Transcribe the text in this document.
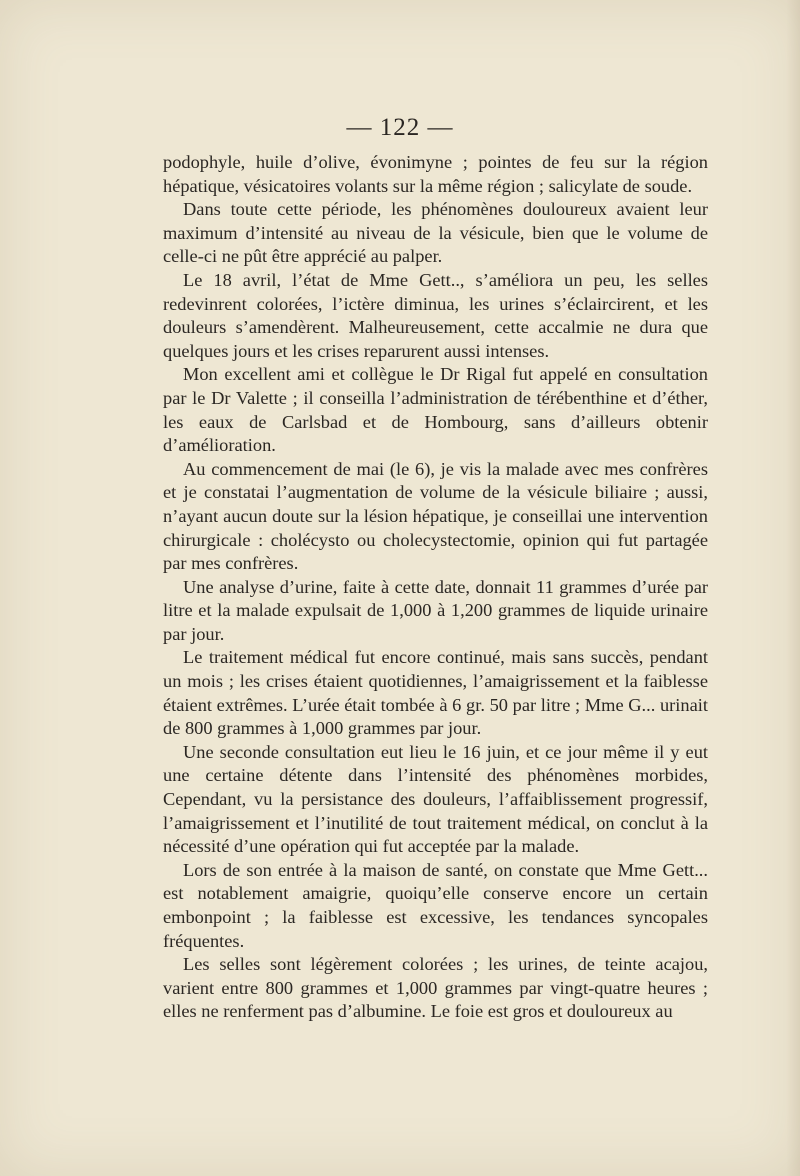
— 122 —

podophyle, huile d’olive, évonimyne ; pointes de feu sur la région hépatique, vésicatoires volants sur la même région ; salicylate de soude.

Dans toute cette période, les phénomènes douloureux avaient leur maximum d’intensité au niveau de la vésicule, bien que le volume de celle-ci ne pût être apprécié au palper.

Le 18 avril, l’état de Mme Gett.., s’améliora un peu, les selles redevinrent colorées, l’ictère diminua, les urines s’éclaircirent, et les douleurs s’amendèrent. Malheureusement, cette accalmie ne dura que quelques jours et les crises reparurent aussi intenses.

Mon excellent ami et collègue le Dr Rigal fut appelé en consultation par le Dr Valette ; il conseilla l’administration de térébenthine et d’éther, les eaux de Carlsbad et de Hombourg, sans d’ailleurs obtenir d’amélioration.

Au commencement de mai (le 6), je vis la malade avec mes confrères et je constatai l’augmentation de volume de la vésicule biliaire ; aussi, n’ayant aucun doute sur la lésion hépatique, je conseillai une intervention chirurgicale : cholécysto ou cholecystectomie, opinion qui fut partagée par mes confrères.

Une analyse d’urine, faite à cette date, donnait 11 grammes d’urée par litre et la malade expulsait de 1,000 à 1,200 grammes de liquide urinaire par jour.

Le traitement médical fut encore continué, mais sans succès, pendant un mois ; les crises étaient quotidiennes, l’amaigrissement et la faiblesse étaient extrêmes. L’urée était tombée à 6 gr. 50 par litre ; Mme G... urinait de 800 grammes à 1,000 grammes par jour.

Une seconde consultation eut lieu le 16 juin, et ce jour même il y eut une certaine détente dans l’intensité des phénomènes morbides, Cependant, vu la persistance des douleurs, l’affaiblissement progressif, l’amaigrissement et l’inutilité de tout traitement médical, on conclut à la nécessité d’une opération qui fut acceptée par la malade.

Lors de son entrée à la maison de santé, on constate que Mme Gett... est notablement amaigrie, quoiqu’elle conserve encore un certain embonpoint ; la faiblesse est excessive, les tendances syncopales fréquentes.

Les selles sont légèrement colorées ; les urines, de teinte acajou, varient entre 800 grammes et 1,000 grammes par vingt-quatre heures ; elles ne renferment pas d’albumine. Le foie est gros et douloureux au
